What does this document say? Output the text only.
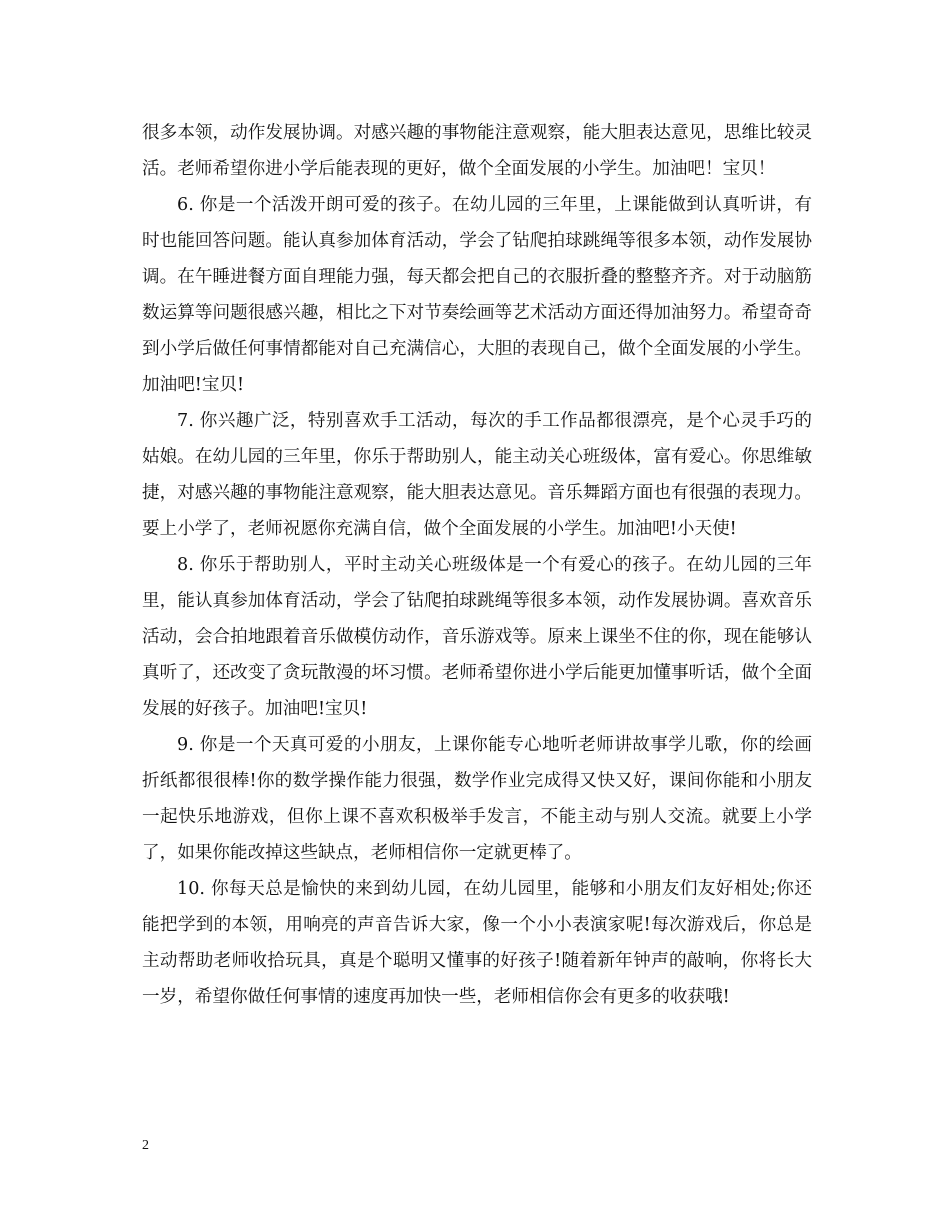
很多本领，动作发展协调。对感兴趣的事物能注意观察，能大胆表达意见，思维比较灵活。老师希望你进小学后能表现的更好，做个全面发展的小学生。加油吧！宝贝！

6. 你是一个活泼开朗可爱的孩子。在幼儿园的三年里，上课能做到认真听讲，有时也能回答问题。能认真参加体育活动，学会了钻爬拍球跳绳等很多本领，动作发展协调。在午睡进餐方面自理能力强，每天都会把自己的衣服折叠的整整齐齐。对于动脑筋数运算等问题很感兴趣，相比之下对节奏绘画等艺术活动方面还得加油努力。希望奇奇到小学后做任何事情都能对自己充满信心，大胆的表现自己，做个全面发展的小学生。加油吧!宝贝!

7. 你兴趣广泛，特别喜欢手工活动，每次的手工作品都很漂亮，是个心灵手巧的姑娘。在幼儿园的三年里，你乐于帮助别人，能主动关心班级体，富有爱心。你思维敏捷，对感兴趣的事物能注意观察，能大胆表达意见。音乐舞蹈方面也有很强的表现力。要上小学了，老师祝愿你充满自信，做个全面发展的小学生。加油吧!小天使!

8. 你乐于帮助别人，平时主动关心班级体是一个有爱心的孩子。在幼儿园的三年里，能认真参加体育活动，学会了钻爬拍球跳绳等很多本领，动作发展协调。喜欢音乐活动，会合拍地跟着音乐做模仿动作，音乐游戏等。原来上课坐不住的你，现在能够认真听了，还改变了贪玩散漫的坏习惯。老师希望你进小学后能更加懂事听话，做个全面发展的好孩子。加油吧!宝贝!

9. 你是一个天真可爱的小朋友，上课你能专心地听老师讲故事学儿歌，你的绘画折纸都很很棒!你的数学操作能力很强，数学作业完成得又快又好，课间你能和小朋友一起快乐地游戏，但你上课不喜欢积极举手发言，不能主动与别人交流。就要上小学了，如果你能改掉这些缺点，老师相信你一定就更棒了。

10. 你每天总是愉快的来到幼儿园，在幼儿园里，能够和小朋友们友好相处;你还能把学到的本领，用响亮的声音告诉大家，像一个小小表演家呢!每次游戏后，你总是主动帮助老师收拾玩具，真是个聪明又懂事的好孩子!随着新年钟声的敲响，你将长大一岁，希望你做任何事情的速度再加快一些，老师相信你会有更多的收获哦!

2
